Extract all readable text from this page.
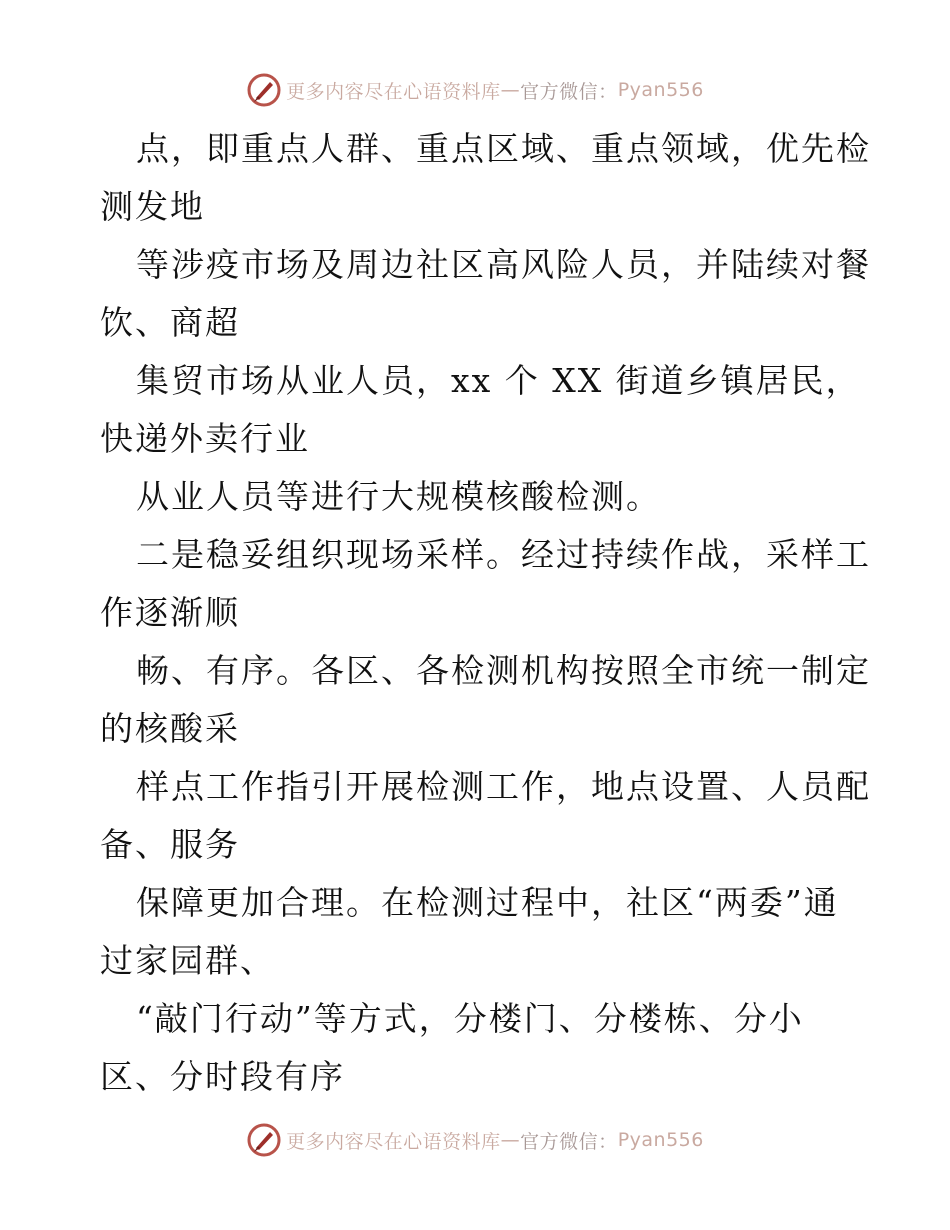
更多内容尽在心语资料库 — 官方微信： Pyan556
点，即重点人群、重点区域、重点领域，优先检
测发地
等涉疫市场及周边社区高风险人员，并陆续对餐
饮、商超
集贸市场从业人员，xx 个 XX 街道乡镇居民，
快递外卖行业
从业人员等进行大规模核酸检测。
二是稳妥组织现场采样。经过持续作战，采样工
作逐渐顺
畅、有序。各区、各检测机构按照全市统一制定
的核酸采
样点工作指引开展检测工作，地点设置、人员配
备、服务
保障更加合理。在检测过程中，社区“两委”通
过家园群、
“敲门行动”等方式，分楼门、分楼栋、分小
区、分时段有序
更多内容尽在心语资料库 — 官方微信： Pyan556
